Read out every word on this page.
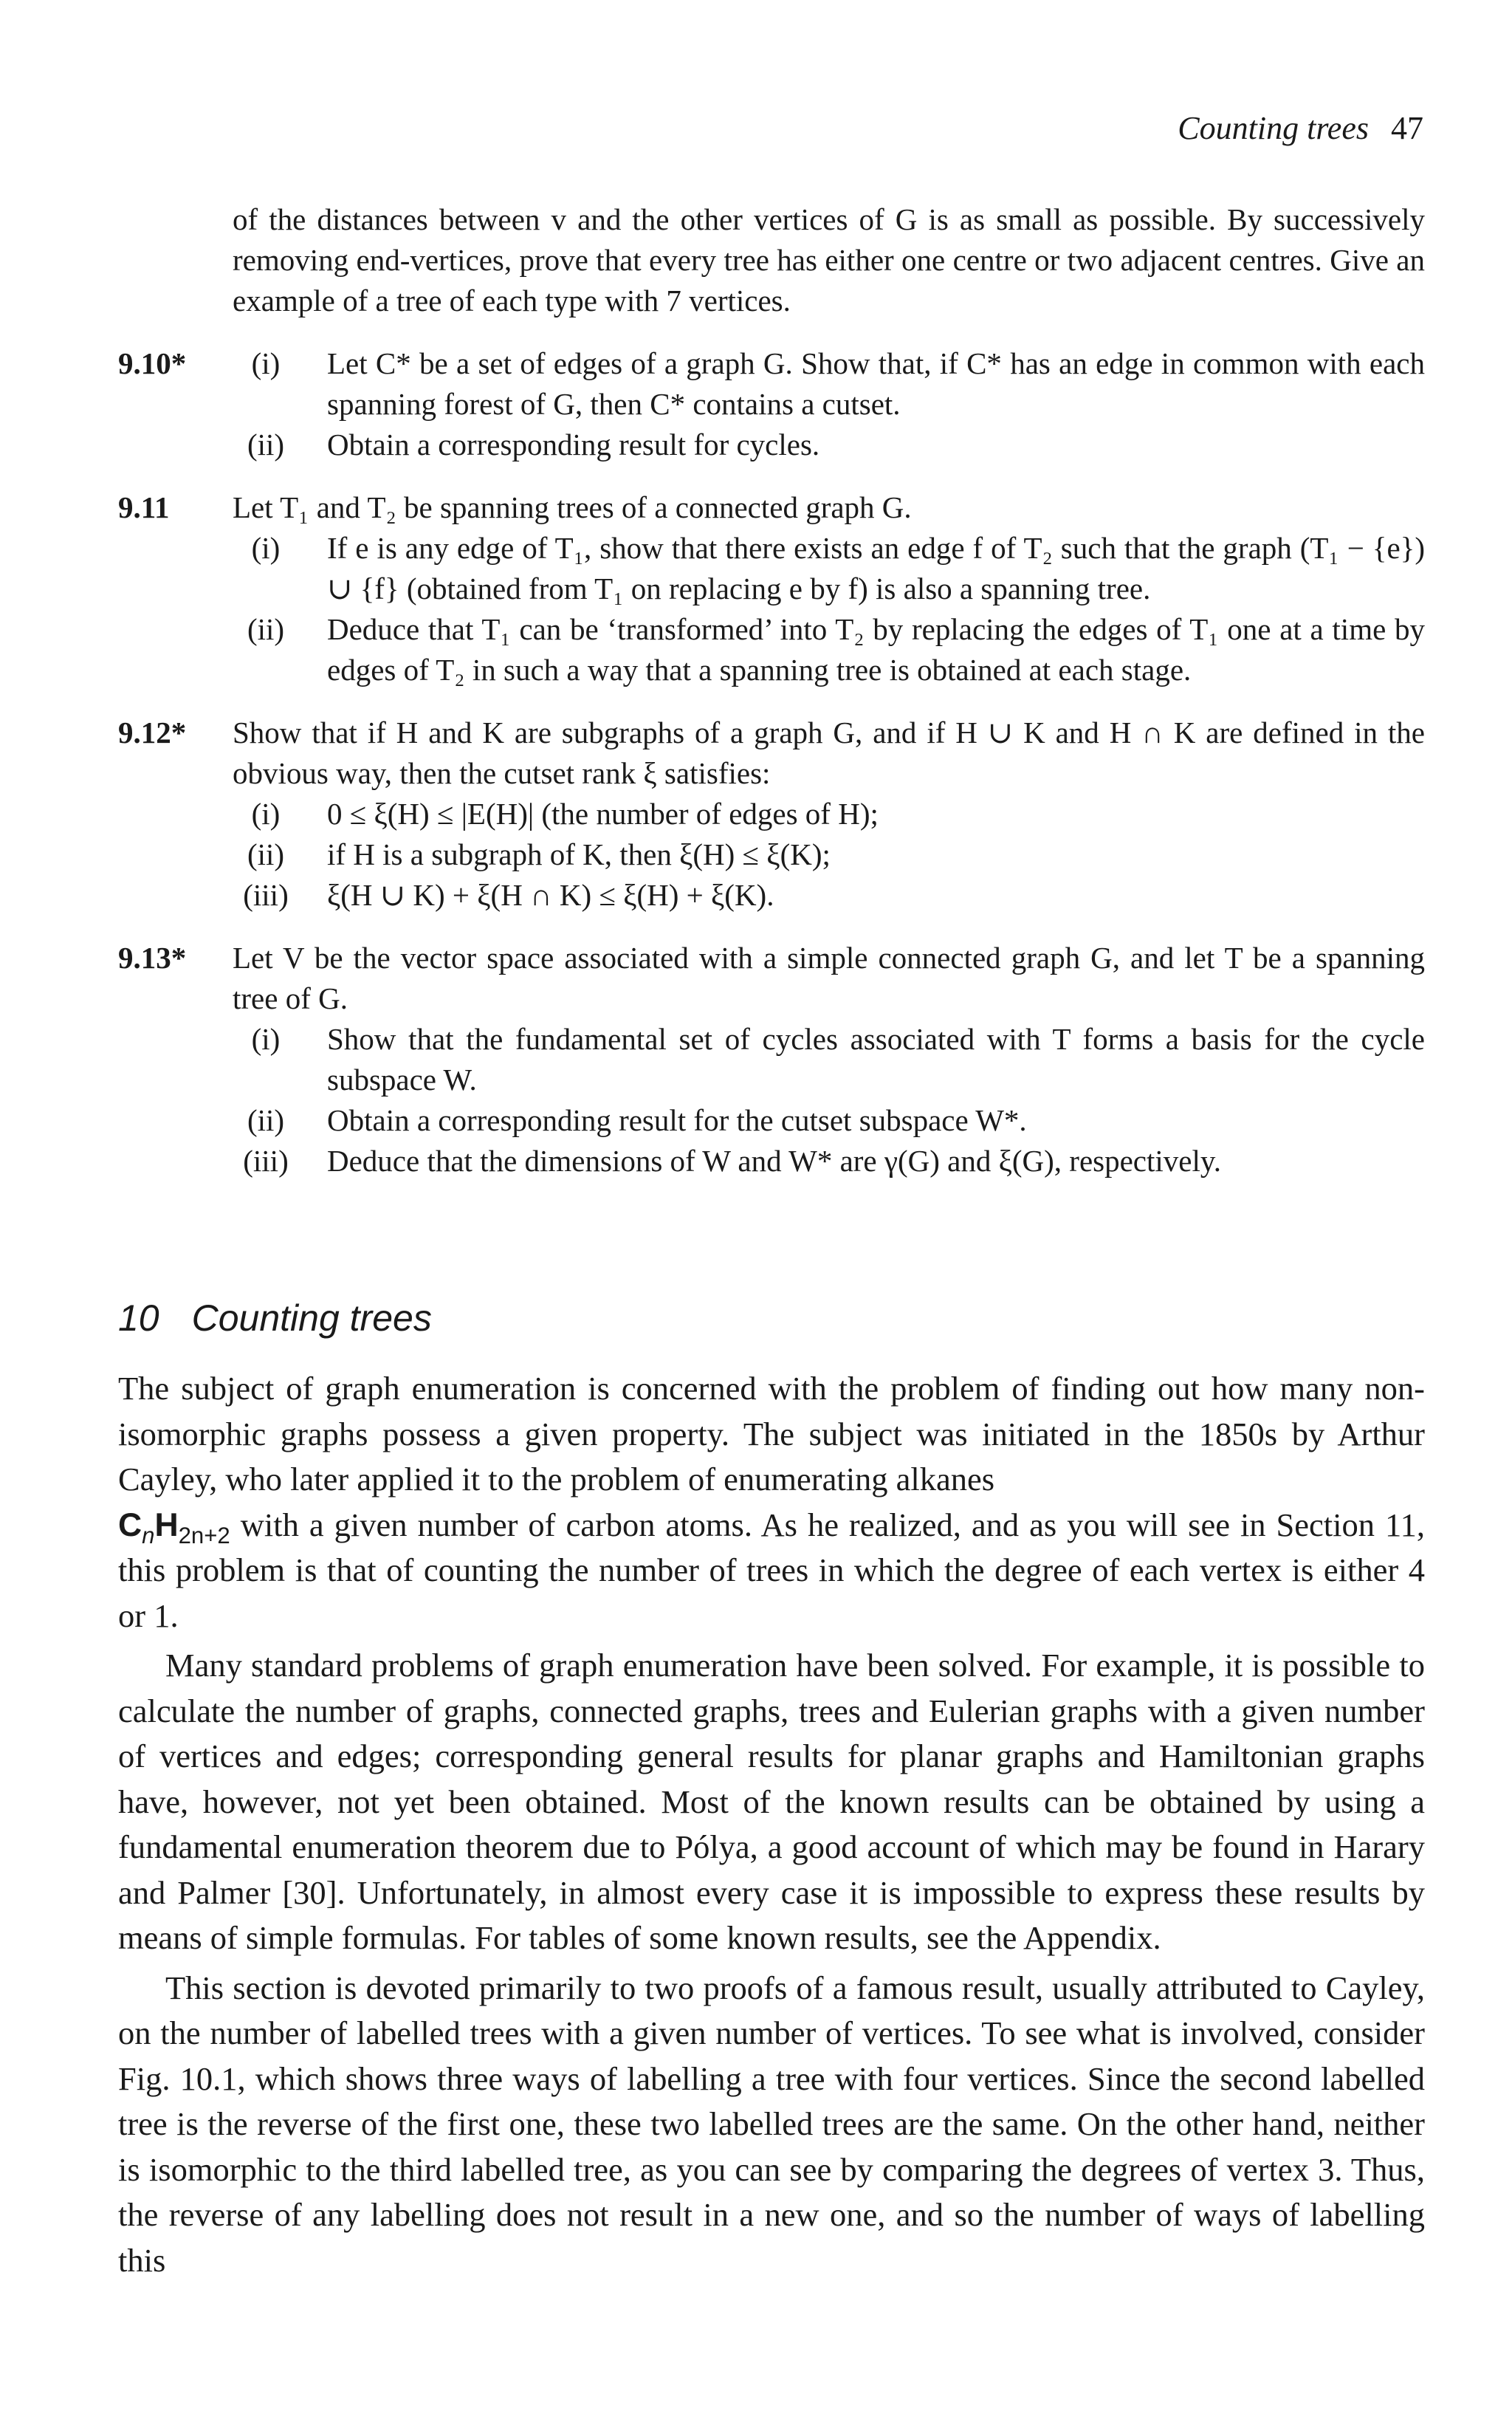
Counting trees 47
of the distances between v and the other vertices of G is as small as possible. By successively removing end-vertices, prove that every tree has either one centre or two adjacent centres. Give an example of a tree of each type with 7 vertices.
9.10*	(i)	Let C* be a set of edges of a graph G. Show that, if C* has an edge in common with each spanning forest of G, then C* contains a cutset.
(ii)	Obtain a corresponding result for cycles.
9.11 Let T₁ and T₂ be spanning trees of a connected graph G.
(i)	If e is any edge of T₁, show that there exists an edge f of T₂ such that the graph (T₁ − {e}) ∪ {f} (obtained from T₁ on replacing e by f) is also a spanning tree.
(ii)	Deduce that T₁ can be ‘transformed’ into T₂ by replacing the edges of T₁ one at a time by edges of T₂ in such a way that a spanning tree is obtained at each stage.
9.12* Show that if H and K are subgraphs of a graph G, and if H ∪ K and H ∩ K are defined in the obvious way, then the cutset rank ξ satisfies:
(i)	0 ≤ ξ(H) ≤ |E(H)| (the number of edges of H);
(ii)	if H is a subgraph of K, then ξ(H) ≤ ξ(K);
(iii)	ξ(H ∪ K) + ξ(H ∩ K) ≤ ξ(H) + ξ(K).
9.13* Let V be the vector space associated with a simple connected graph G, and let T be a spanning tree of G.
(i)	Show that the fundamental set of cycles associated with T forms a basis for the cycle subspace W.
(ii)	Obtain a corresponding result for the cutset subspace W*.
(iii)	Deduce that the dimensions of W and W* are γ(G) and ξ(G), respectively.
10 Counting trees

The subject of graph enumeration is concerned with the problem of finding out how many non-isomorphic graphs possess a given property. The subject was initiated in the 1850s by Arthur Cayley, who later applied it to the problem of enumerating alkanes
$C_nH_{2n+2}$ with a given number of carbon atoms. As he realized, and as you will see in Section 11, this problem is that of counting the number of trees in which the degree of each vertex is either 4 or 1.

Many standard problems of graph enumeration have been solved. For example, it is possible to calculate the number of graphs, connected graphs, trees and Eulerian graphs with a given number of vertices and edges; corresponding general results for planar graphs and Hamiltonian graphs have, however, not yet been obtained. Most of the known results can be obtained by using a fundamental enumeration theorem due to Pólya, a good account of which may be found in Harary and Palmer [30]. Unfortunately, in almost every case it is impossible to express these results by means of simple formulas. For tables of some known results, see the Appendix.

This section is devoted primarily to two proofs of a famous result, usually attributed to Cayley, on the number of labelled trees with a given number of vertices. To see what is involved, consider Fig. 10.1, which shows three ways of labelling a tree with four vertices. Since the second labelled tree is the reverse of the first one, these two labelled trees are the same. On the other hand, neither is isomorphic to the third labelled tree, as you can see by comparing the degrees of vertex 3. Thus, the reverse of any labelling does not result in a new one, and so the number of ways of labelling this
